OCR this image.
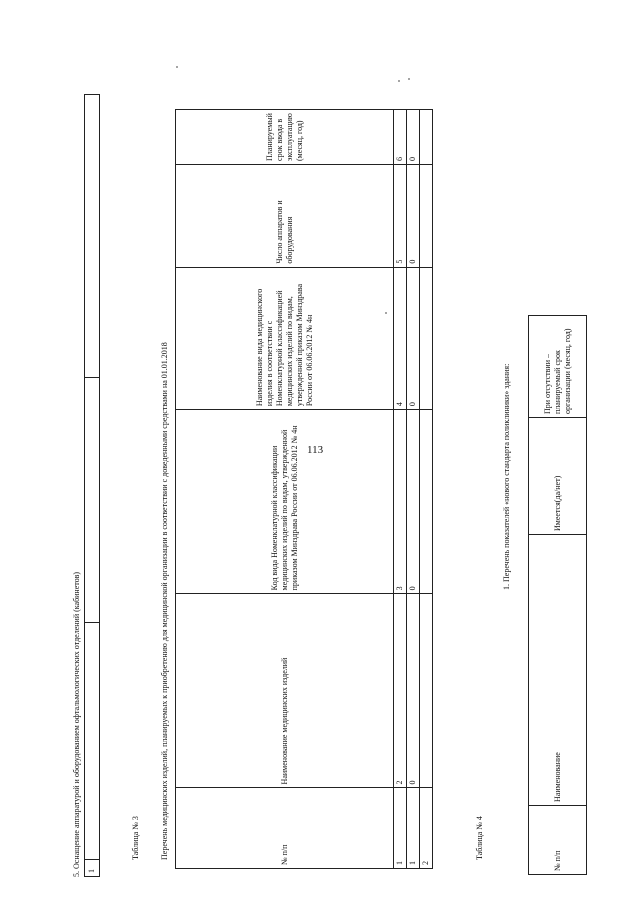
113
5. Оснащение аппаратурой и оборудованием офтальмологических отделений (кабинетов) 1			
Таблица № 3	Перечень медицинских изделий, планируемых к приобретению для медицинской организации в соответствии с доведенными средствами на 01.01.2018	№ п/п	Наименование медицинских изделий	Код вида Номенклатурной классификации медицинских изделий по видам, утвержденной приказом Минздрава России от 06.06.2012 № 4н	Наименование вида медицинского изделия в соответствии с Номенклатурной классификацией медицинских изделий по видам, утвержденной приказом Минздрава России от 06.06.2012 № 4н	Число аппаратов и оборудования	Планируемый срок ввода в эксплуатацию (месяц, год)
1	2	3	4	5	6
1	0	0	0	0	0
2					
Таблица № 4
1. Перечень показателей «нового стандарта поликлиники» здания:
№ п/п	Наименование	Имеется(да/нет)	При отсутствии – планируемый срок организации (месяц, год)
